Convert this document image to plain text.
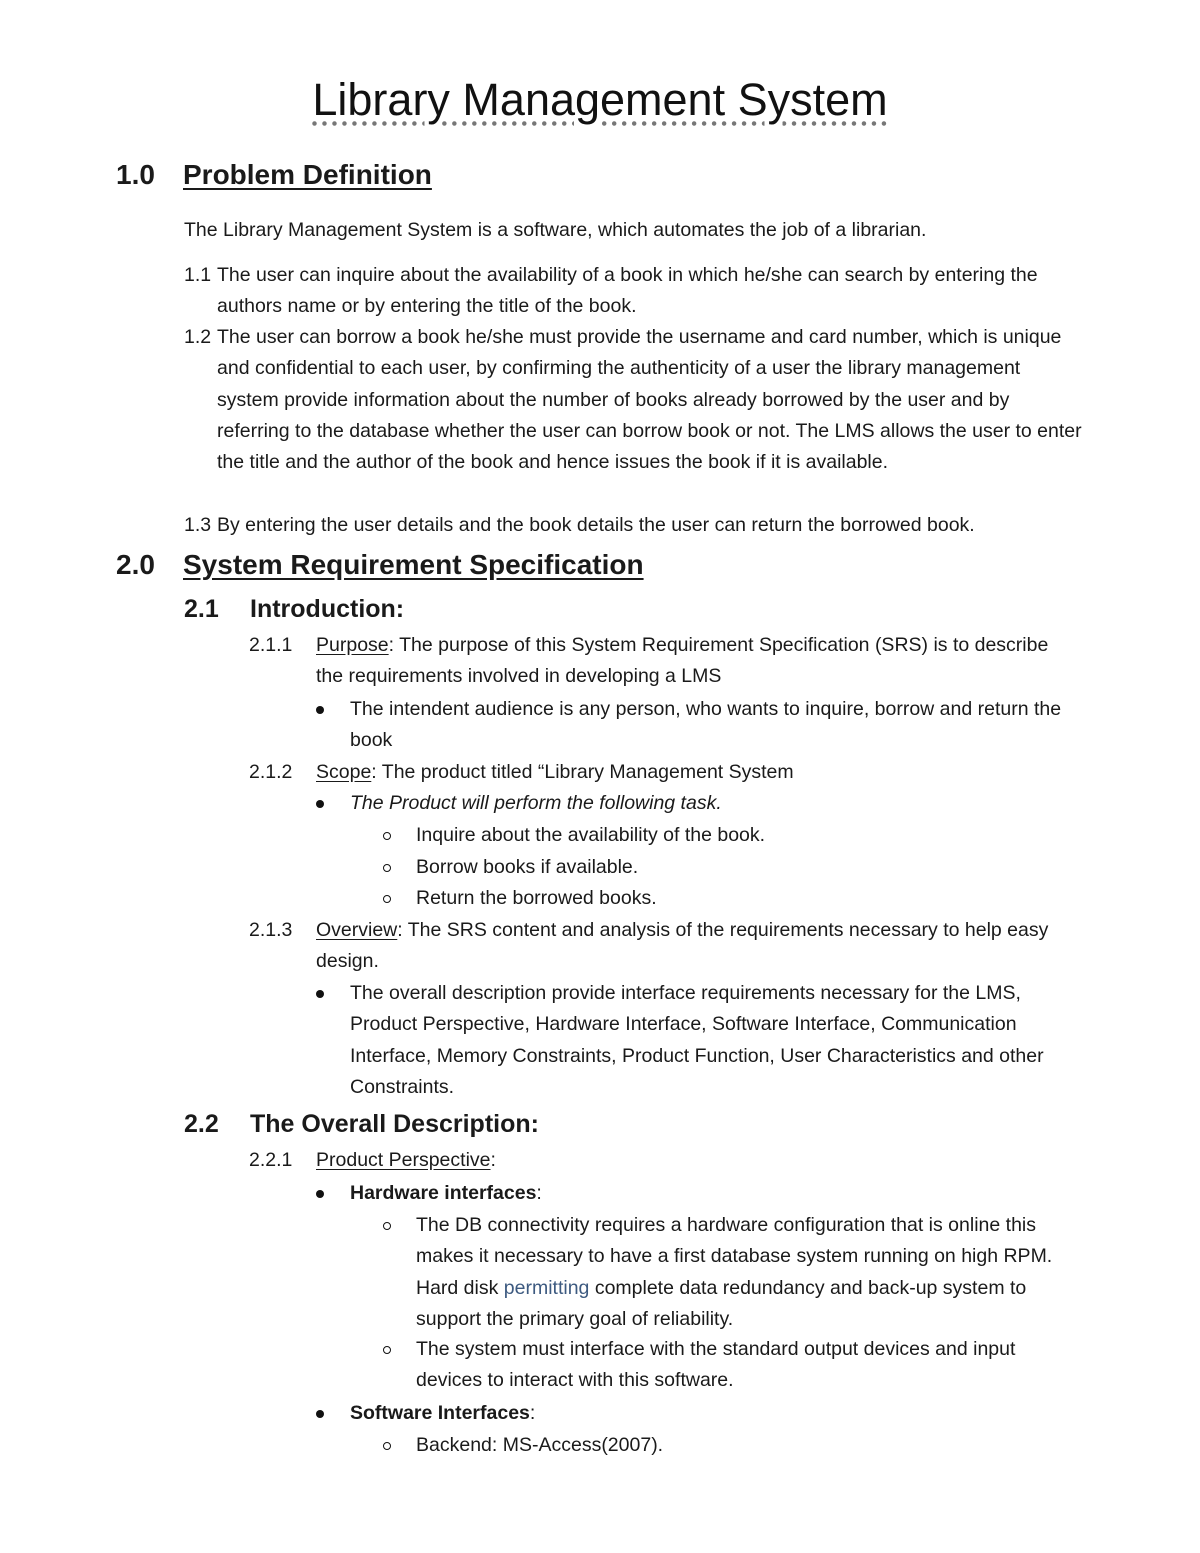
Library Management System
1.0 Problem Definition
The Library Management System is a software, which automates the job of a librarian.
1.1 The user can inquire about the availability of a book in which he/she can search by entering the authors name or by entering the title of the book.
1.2 The user can borrow a book he/she must provide the username and card number, which is unique and confidential to each user, by confirming the authenticity of a user the library management system provide information about the number of books already borrowed by the user and by referring to the database whether the user can borrow book or not. The LMS allows the user to enter the title and the author of the book and hence issues the book if it is available.
1.3 By entering the user details and the book details the user can return the borrowed book.
2.0 System Requirement Specification
2.1 Introduction:
2.1.1 Purpose: The purpose of this System Requirement Specification (SRS) is to describe the requirements involved in developing a LMS
The intendent audience is any person, who wants to inquire, borrow and return the book
2.1.2 Scope: The product titled “Library Management System
The Product will perform the following task.
Inquire about the availability of the book.
Borrow books if available.
Return the borrowed books.
2.1.3 Overview: The SRS content and analysis of the requirements necessary to help easy design.
The overall description provide interface requirements necessary for the LMS, Product Perspective, Hardware Interface, Software Interface, Communication Interface, Memory Constraints, Product Function, User Characteristics and other Constraints.
2.2 The Overall Description:
2.2.1 Product Perspective:
Hardware interfaces:
The DB connectivity requires a hardware configuration that is online this makes it necessary to have a first database system running on high RPM. Hard disk permitting complete data redundancy and back-up system to support the primary goal of reliability.
The system must interface with the standard output devices and input devices to interact with this software.
Software Interfaces:
Backend: MS-Access(2007).
